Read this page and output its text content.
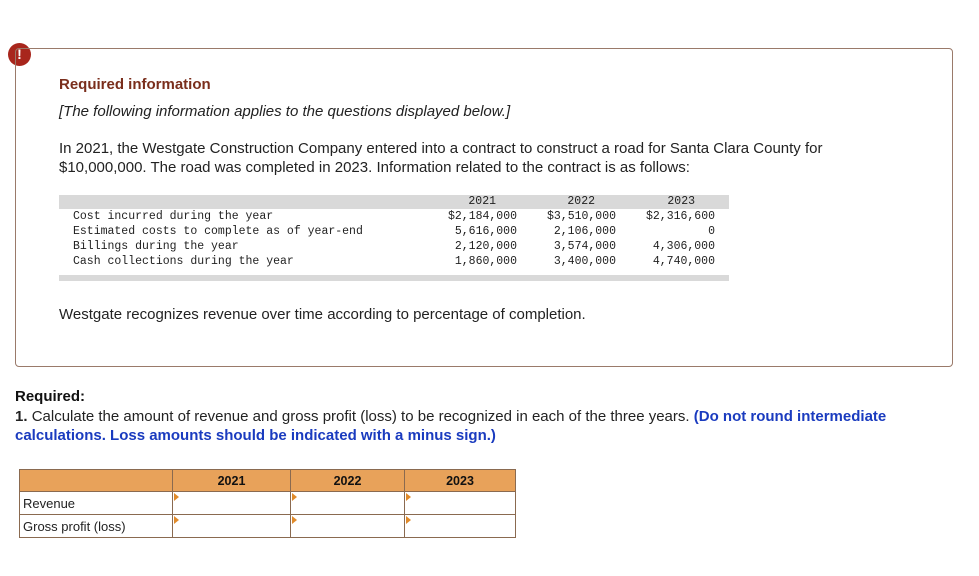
!
Required information
[The following information applies to the questions displayed below.]
In 2021, the Westgate Construction Company entered into a contract to construct a road for Santa Clara County for $10,000,000. The road was completed in 2023. Information related to the contract is as follows:
2021	2022	2023
Cost incurred during the year	$2,184,000	$3,510,000	$2,316,600
Estimated costs to complete as of year-end	5,616,000	2,106,000	0
Billings during the year	2,120,000	3,574,000	4,306,000
Cash collections during the year	1,860,000	3,400,000	4,740,000
Westgate recognizes revenue over time according to percentage of completion.
Required:
1. Calculate the amount of revenue and gross profit (loss) to be recognized in each of the three years. (Do not round intermediate calculations. Loss amounts should be indicated with a minus sign.)
	2021	2022	2023
Revenue	

Gross profit (loss)	
